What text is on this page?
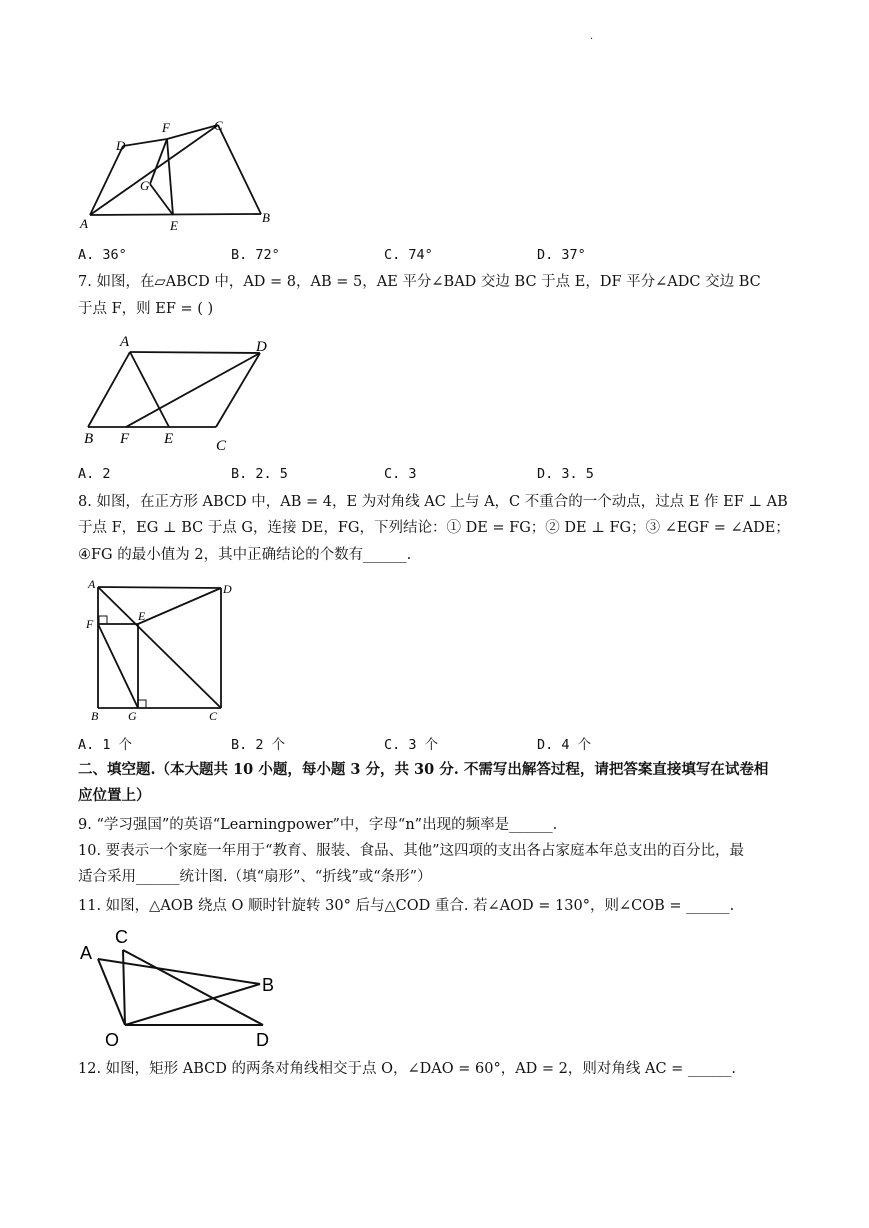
·
D
F	C
G
A	E
B
A. 36°	B. 72°	C. 74°	D. 37°
7. 如图，在▱ABCD 中，AD = 8，AB = 5，AE 平分∠BAD 交边 BC 于点 E，DF 平分∠ADC 交边 BC
于点 F，则 EF = ( )
A	D
B F E	C
A. 2	B. 2. 5	C. 3	D. 3. 5
8. 如图，在正方形 ABCD 中，AB = 4，E 为对角线 AC 上与 A，C 不重合的一个动点，过点 E 作 EF ⊥ AB
于点 F，EG ⊥ BC 于点 G，连接 DE，FG，下列结论：① DE = FG；② DE ⊥ FG；③ ∠EGF = ∠ADE；
④FG 的最小值为 2，其中正确结论的个数有______.
A	D
F
E
B G	C
A. 1 个	B. 2 个	C. 3 个	D. 4 个
二、填空题.（本大题共 10 小题，每小题 3 分，共 30 分. 不需写出解答过程，请把答案直接填写在试卷相
应位置上）
9. “学习强国”的英语“Learningpower”中，字母“n”出现的频率是______.
10. 要表示一个家庭一年用于“教育、服装、食品、其他”这四项的支出各占家庭本年总支出的百分比，最
适合采用______统计图.（填“扇形”、“折线”或“条形”）
11. 如图，△AOB 绕点 O 顺时针旋转 30° 后与△COD 重合. 若∠AOD = 130°，则∠COB = ______.
A
C
B
O	D
12. 如图，矩形 ABCD 的两条对角线相交于点 O，∠DAO = 60°，AD = 2，则对角线 AC = ______.
